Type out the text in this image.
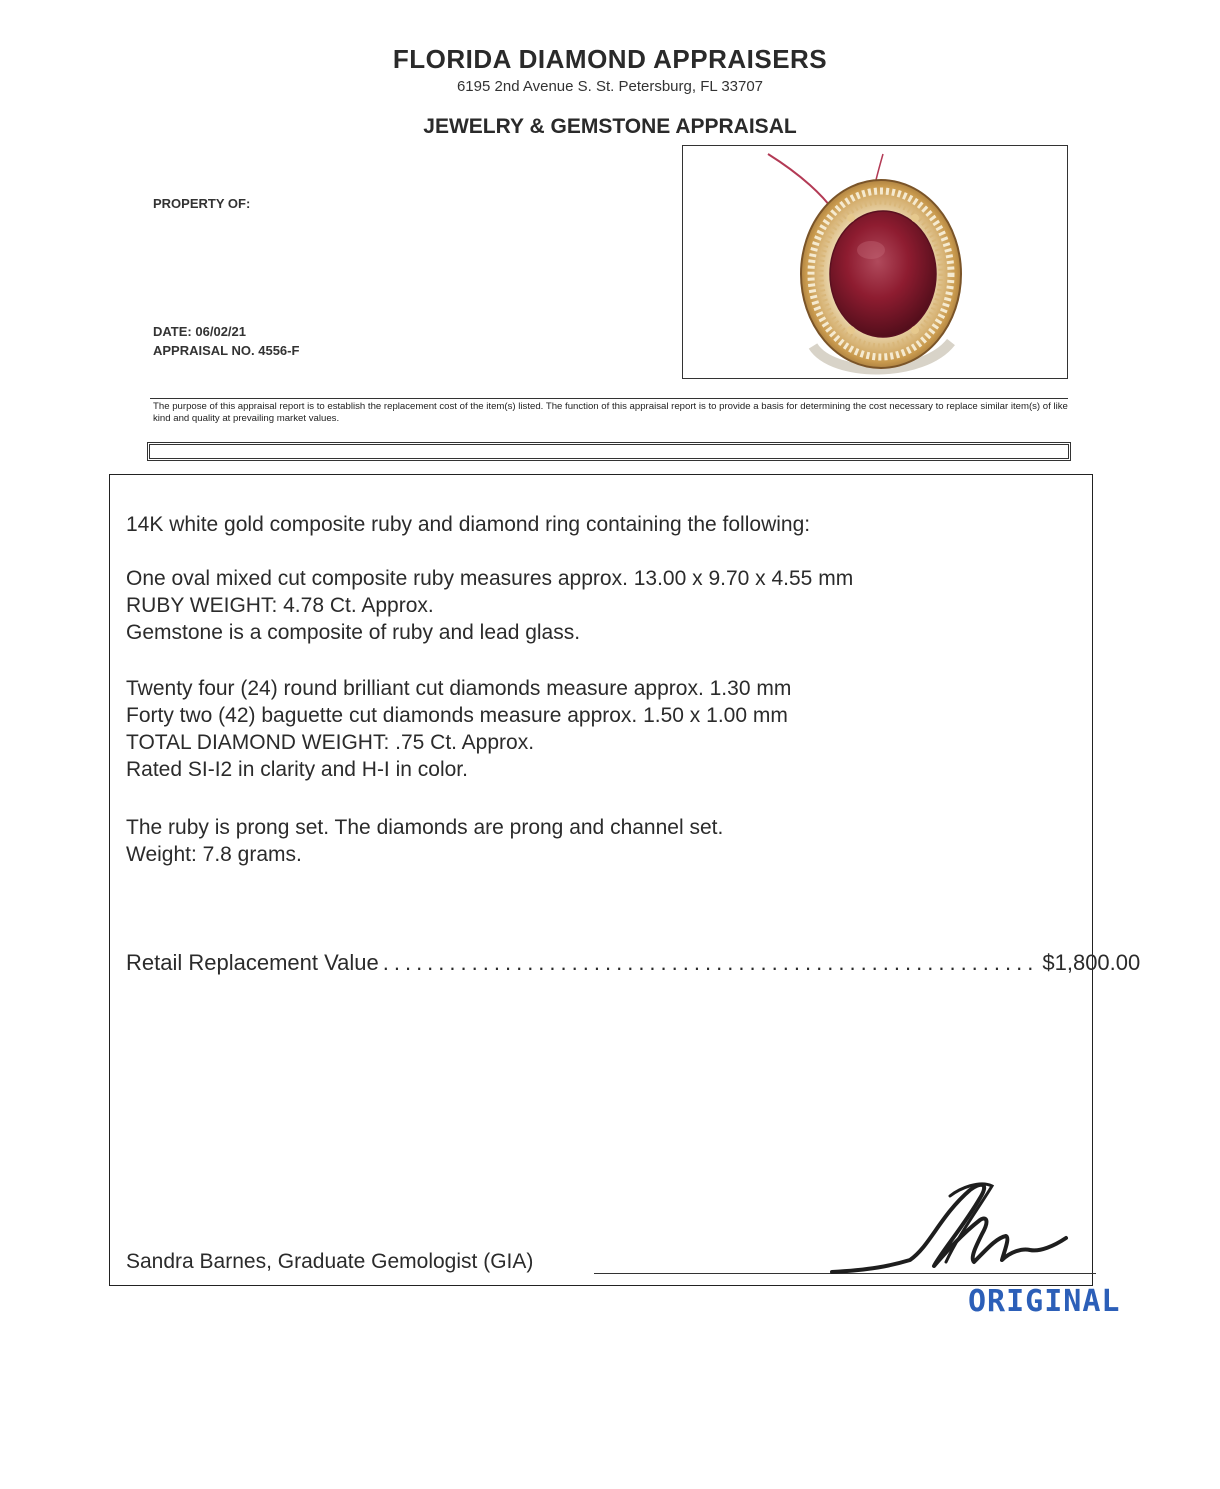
FLORIDA DIAMOND APPRAISERS
6195 2nd Avenue S. St. Petersburg, FL 33707
JEWELRY & GEMSTONE APPRAISAL
PROPERTY OF:
DATE: 06/02/21
APPRAISAL NO. 4556-F
The purpose of this appraisal report is to establish the replacement cost of the item(s) listed. The function of this appraisal report is to provide a basis for determining the cost necessary to replace similar item(s) of like kind and quality at prevailing market values.
14K white gold composite ruby and diamond ring containing the following:
One oval mixed cut composite ruby measures approx. 13.00 x 9.70 x 4.55 mm
RUBY WEIGHT: 4.78 Ct. Approx.
Gemstone is a composite of ruby and lead glass.
Twenty four (24) round brilliant cut diamonds measure approx. 1.30 mm
Forty two (42) baguette cut diamonds measure approx. 1.50 x 1.00 mm
TOTAL DIAMOND WEIGHT: .75 Ct. Approx.
Rated SI-I2 in clarity and H-I in color.
The ruby is prong set. The diamonds are prong and channel set.
Weight: 7.8 grams.
Retail Replacement Value ........................................................... $1,800.00
Sandra Barnes, Graduate Gemologist (GIA)
ORIGINAL
